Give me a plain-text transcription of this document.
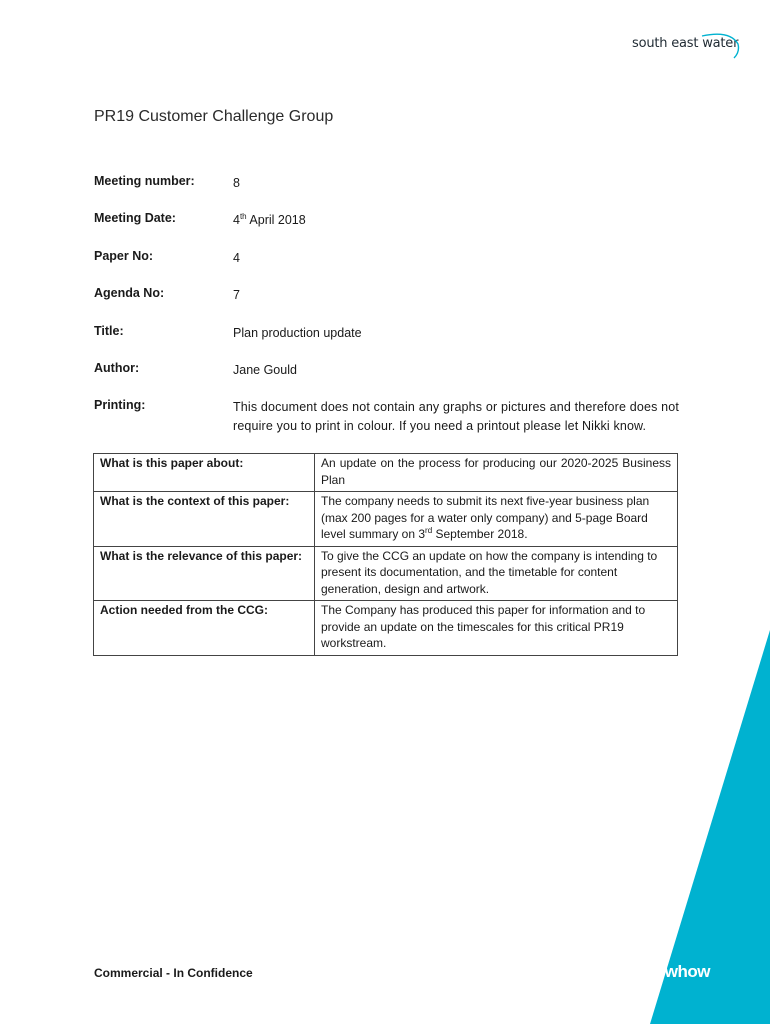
south east water
PR19 Customer Challenge Group
Meeting number:	8
Meeting Date:	4th April 2018
Paper No:	4
Agenda No:	7
Title:	Plan production update
Author:	Jane Gould
Printing:	This document does not contain any graphs or pictures and therefore does not require you to print in colour. If you need a printout please let Nikki know.
What is this paper about:	An update on the process for producing our 2020-2025 Business Plan
What is the context of this paper:	The company needs to submit its next five-year business plan (max 200 pages for a water only company) and 5-page Board level summary on 3rd September 2018.
What is the relevance of this paper:	To give the CCG an update on how the company is intending to present its documentation, and the timetable for content generation, design and artwork.
Action needed from the CCG:	The Company has produced this paper for information and to provide an update on the timescales for this critical PR19 workstream.
Commercial - In Confidence	Pure knowhow
